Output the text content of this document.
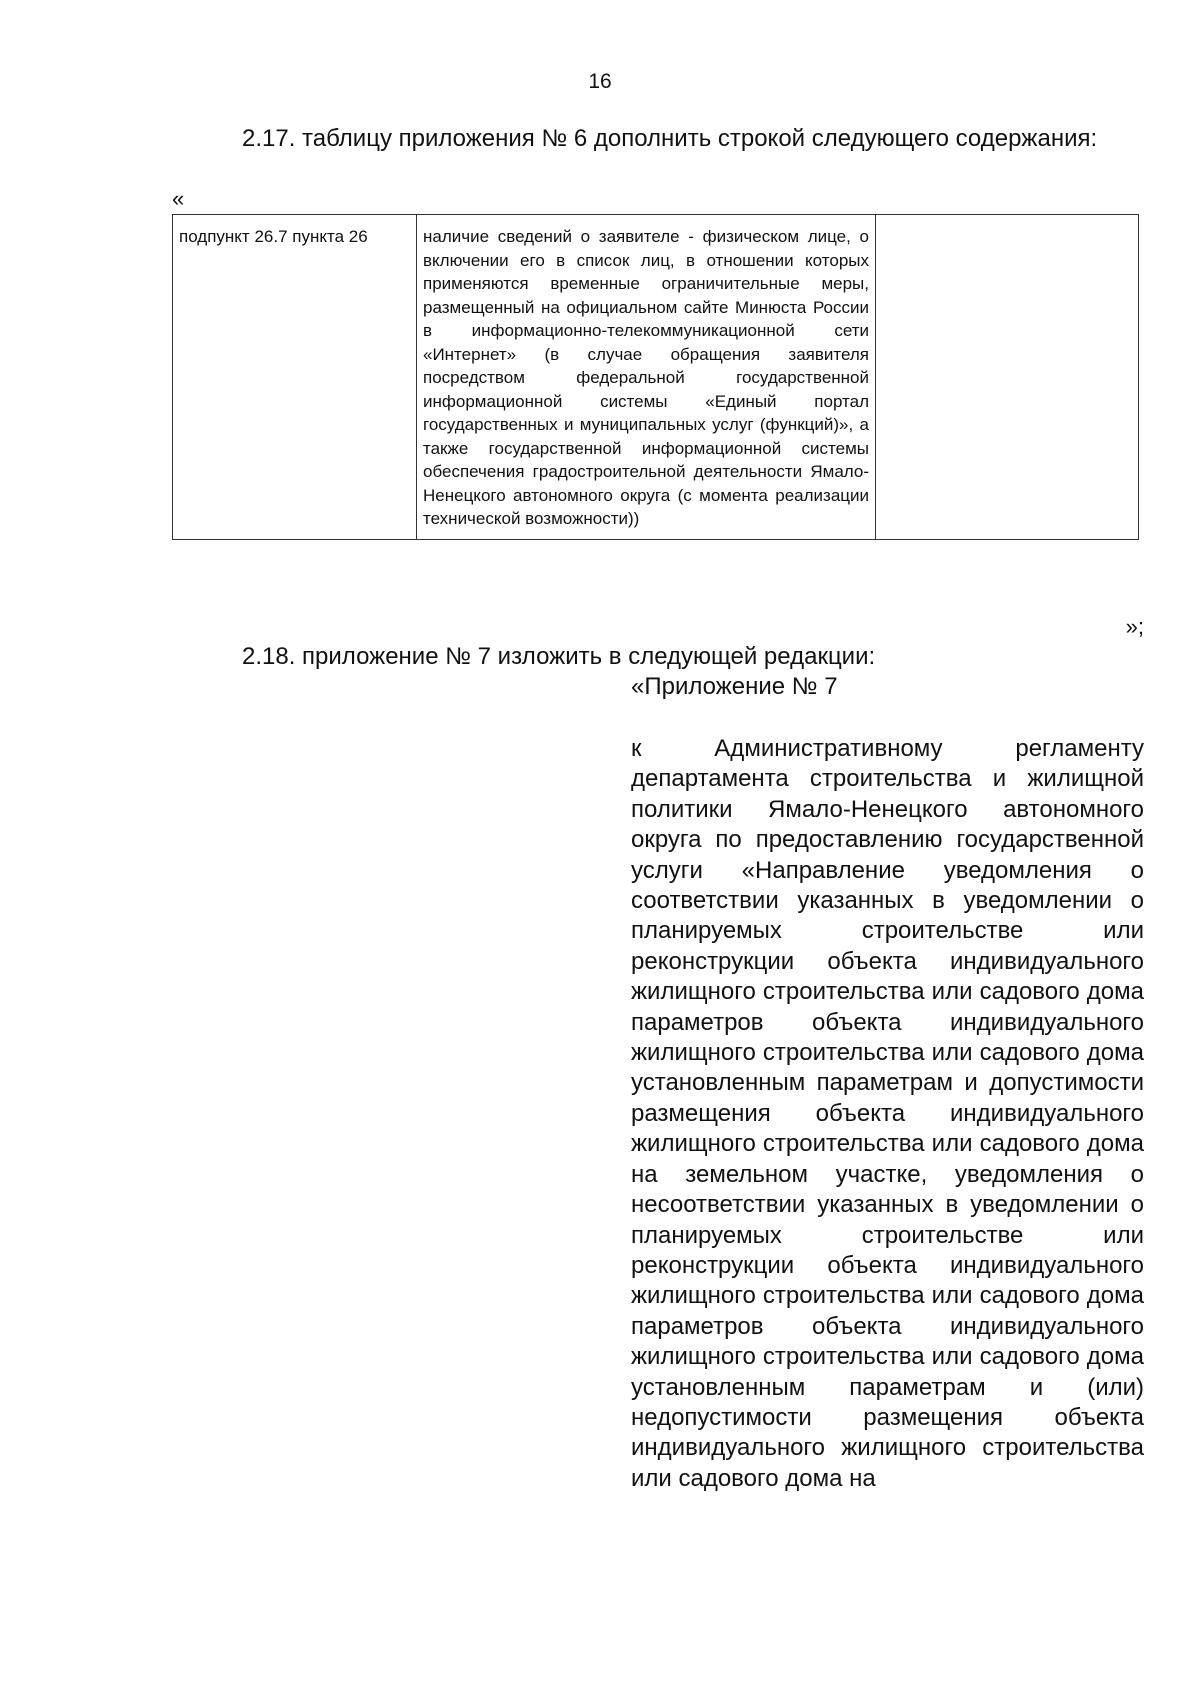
16
2.17. таблицу приложения № 6 дополнить строкой следующего содержания:
«
подпункт 26.7 пункта 26	наличие сведений о заявителе - физическом лице, о включении его в список лиц, в отношении которых применяются временные ограничительные меры, размещенный на официальном сайте Минюста России в информационно-телекоммуникационной сети «Интернет» (в случае обращения заявителя посредством федеральной государственной информационной системы «Единый портал государственных и муниципальных услуг (функций)», а также государственной информационной системы обеспечения градостроительной деятельности Ямало-Ненецкого автономного округа (с момента реализации технической возможности))	
»;
2.18. приложение № 7 изложить в следующей редакции:
«Приложение № 7
к Административному регламенту департамента строительства и жилищной политики Ямало-Ненецкого автономного округа по предоставлению государственной услуги «Направление уведомления о соответствии указанных в уведомлении о планируемых строительстве или реконструкции объекта индивидуального жилищного строительства или садового дома параметров объекта индивидуального жилищного строительства или садового дома установленным параметрам и допустимости размещения объекта индивидуального жилищного строительства или садового дома на земельном участке, уведомления о несоответствии указанных в уведомлении о планируемых строительстве или реконструкции объекта индивидуального жилищного строительства или садового дома параметров объекта индивидуального жилищного строительства или садового дома установленным параметрам и (или) недопустимости размещения объекта индивидуального жилищного строительства или садового дома на
